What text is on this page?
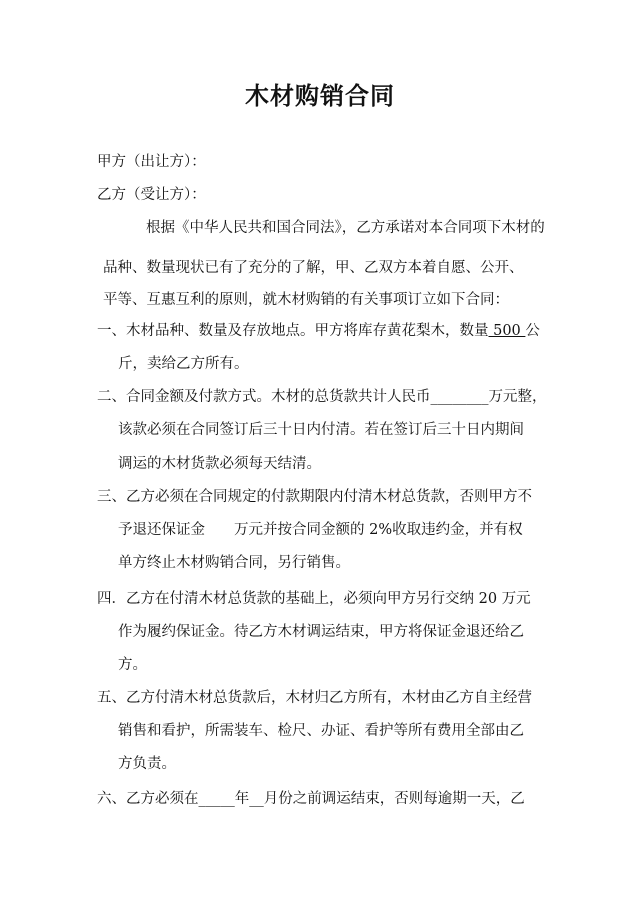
木材购销合同
甲方（出让方）：
乙方（受让方）：
根据《中华人民共和国合同法》，乙方承诺对本合同项下木材的
品种、数量现状已有了充分的了解，甲、乙双方本着自愿、公开、
平等、互惠互利的原则，就木材购销的有关事项订立如下合同：
一、木材品种、数量及存放地点。甲方将库存黄花梨木，数量 500 公
斤，卖给乙方所有。
二、合同金额及付款方式。木材的总货款共计人民币________万元整，
该款必须在合同签订后三十日内付清。若在签订后三十日内期间
调运的木材货款必须每天结清。
三、乙方必须在合同规定的付款期限内付清木材总货款，否则甲方不
予退还保证金　　万元并按合同金额的 2%收取违约金，并有权
单方终止木材购销合同，另行销售。
四．乙方在付清木材总货款的基础上，必须向甲方另行交纳 20 万元
作为履约保证金。待乙方木材调运结束，甲方将保证金退还给乙
方。
五、乙方付清木材总货款后，木材归乙方所有，木材由乙方自主经营
销售和看护，所需装车、检尺、办证、看护等所有费用全部由乙
方负责。
六、乙方必须在_____年__月份之前调运结束，否则每逾期一天，乙
